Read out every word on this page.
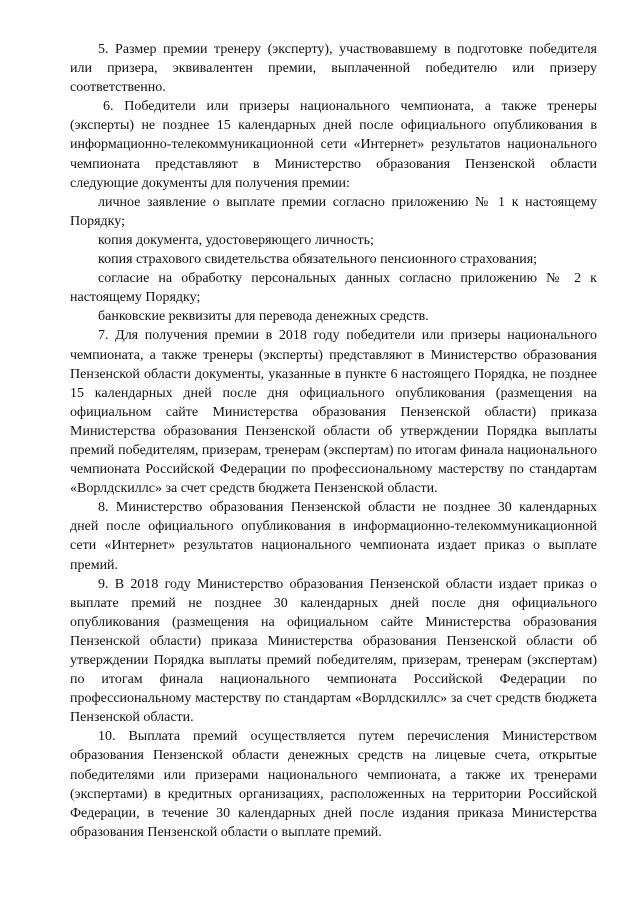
5. Размер премии тренеру (эксперту), участвовавшему в подготовке победителя или призера, эквивалентен премии, выплаченной победителю или призеру соответственно.

6. Победители или призеры национального чемпионата, а также тренеры (эксперты) не позднее 15 календарных дней после официального опубликования в информационно-телекоммуникационной сети «Интернет» результатов национального чемпионата представляют в Министерство образования Пензенской области следующие документы для получения премии:

личное заявление о выплате премии согласно приложению № 1 к настоящему Порядку;

копия документа, удостоверяющего личность;

копия страхового свидетельства обязательного пенсионного страхования;

согласие на обработку персональных данных согласно приложению № 2 к настоящему Порядку;

банковские реквизиты для перевода денежных средств.

7. Для получения премии в 2018 году победители или призеры национального чемпионата, а также тренеры (эксперты) представляют в Министерство образования Пензенской области документы, указанные в пункте 6 настоящего Порядка, не позднее 15 календарных дней после дня официального опубликования (размещения на официальном сайте Министерства образования Пензенской области) приказа Министерства образования Пензенской области об утверждении Порядка выплаты премий победителям, призерам, тренерам (экспертам) по итогам финала национального чемпионата Российской Федерации по профессиональному мастерству по стандартам «Ворлдскиллс» за счет средств бюджета Пензенской области.

8. Министерство образования Пензенской области не позднее 30 календарных дней после официального опубликования в информационно-телекоммуникационной сети «Интернет» результатов национального чемпионата издает приказ о выплате премий.

9. В 2018 году Министерство образования Пензенской области издает приказ о выплате премий не позднее 30 календарных дней после дня официального опубликования (размещения на официальном сайте Министерства образования Пензенской области) приказа Министерства образования Пензенской области об утверждении Порядка выплаты премий победителям, призерам, тренерам (экспертам) по итогам финала национального чемпионата Российской Федерации по профессиональному мастерству по стандартам «Ворлдскиллс» за счет средств бюджета Пензенской области.

10. Выплата премий осуществляется путем перечисления Министерством образования Пензенской области денежных средств на лицевые счета, открытые победителями или призерами национального чемпионата, а также их тренерами (экспертами) в кредитных организациях, расположенных на территории Российской Федерации, в течение 30 календарных дней после издания приказа Министерства образования Пензенской области о выплате премий.
